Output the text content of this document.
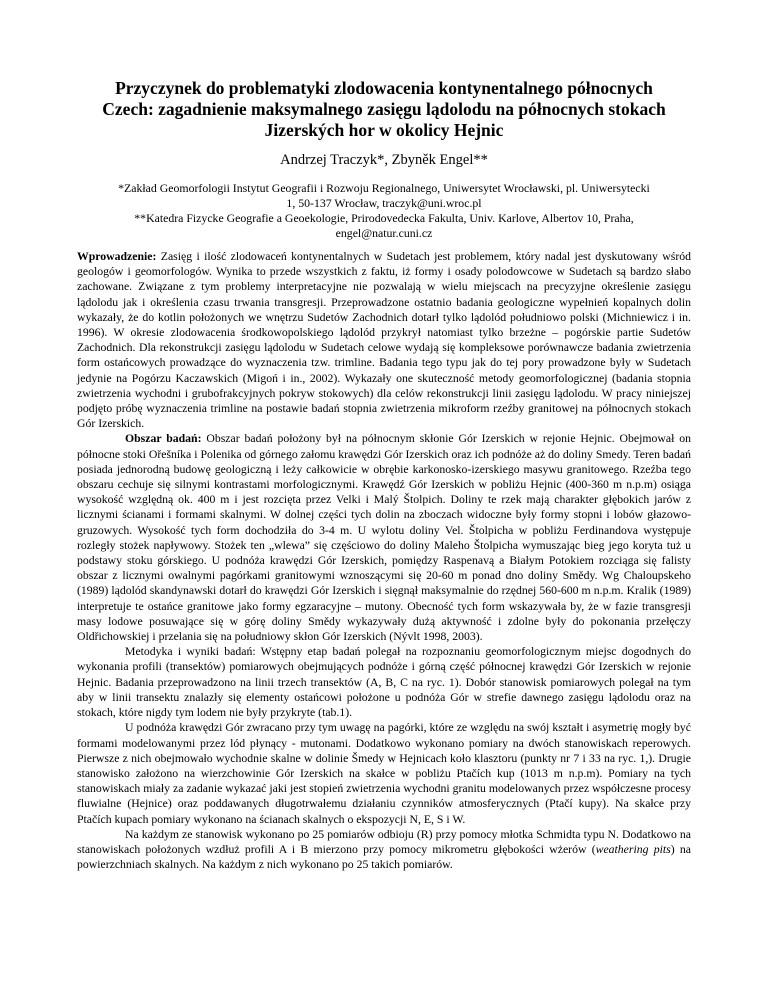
Przyczynek do problematyki zlodowacenia kontynentalnego północnych
Czech: zagadnienie maksymalnego zasięgu lądolodu na północnych stokach
Jizerských hor w okolicy Hejnic
Andrzej Traczyk*, Zbyněk Engel**
*Zakład Geomorfologii Instytut Geografii i Rozwoju Regionalnego, Uniwersytet Wrocławski, pl. Uniwersytecki
1, 50-137 Wrocław, traczyk@uni.wroc.pl
**Katedra Fizycke Geografie a Geoekologie, Prirodovedecka Fakulta, Univ. Karlove, Albertov 10, Praha,
engel@natur.cuni.cz

Wprowadzenie: Zasięg i ilość zlodowaceń kontynentalnych w Sudetach jest problemem, który nadal jest dyskutowany wśród geologów i geomorfologów. Wynika to przede wszystkich z faktu, iż formy i osady polodowcowe w Sudetach są bardzo słabo zachowane. Związane z tym problemy interpretacyjne nie pozwalają w wielu miejscach na precyzyjne określenie zasięgu lądolodu jak i określenia czasu trwania transgresji. Przeprowadzone ostatnio badania geologiczne wypełnień kopalnych dolin wykazały, że do kotlin położonych we wnętrzu Sudetów Zachodnich dotarł tylko lądolód południowo polski (Michniewicz i in. 1996). W okresie zlodowacenia środkowopolskiego lądolód przykrył natomiast tylko brzeżne – pogórskie partie Sudetów Zachodnich. Dla rekonstrukcji zasięgu lądolodu w Sudetach celowe wydają się kompleksowe porównawcze badania zwietrzenia form ostańcowych prowadzące do wyznaczenia tzw. trimline. Badania tego typu jak do tej pory prowadzone były w Sudetach jedynie na Pogórzu Kaczawskich (Migoń i in., 2002). Wykazały one skuteczność metody geomorfologicznej (badania stopnia zwietrzenia wychodni i grubofrakcyjnych pokryw stokowych) dla celów rekonstrukcji linii zasięgu lądolodu. W pracy niniejszej podjęto próbę wyznaczenia trimline na postawie badań stopnia zwietrzenia mikroform rzeźby granitowej na północnych stokach Gór Izerskich.

Obszar badań: Obszar badań położony był na północnym skłonie Gór Izerskich w rejonie Hejnic. Obejmował on północne stoki Ořešníka i Polenika od górnego załomu krawędzi Gór Izerskich oraz ich podnóże aż do doliny Smedy. Teren badań posiada jednorodną budowę geologiczną i leży całkowicie w obrębie karkonosko-izerskiego masywu granitowego. Rzeźba tego obszaru cechuje się silnymi kontrastami morfologicznymi. Krawędź Gór Izerskich w pobliżu Hejnic (400-360 m n.p.m) osiąga wysokość względną ok. 400 m i jest rozcięta przez Velki i Malý Štolpich. Doliny te rzek mają charakter głębokich jarów z licznymi ścianami i formami skalnymi. W dolnej części tych dolin na zboczach widoczne były formy stopni i lobów głazowo-gruzowych. Wysokość tych form dochodziła do 3-4 m. U wylotu doliny Vel. Štolpicha w pobliżu Ferdinandova występuje rozległy stożek napływowy. Stożek ten „wlewa” się częściowo do doliny Maleho Štolpicha wymuszając bieg jego koryta tuż u podstawy stoku górskiego. U podnóża krawędzi Gór Izerskich, pomiędzy Raspenavą a Białym Potokiem rozciąga się falisty obszar z licznymi owalnymi pagórkami granitowymi wznoszącymi się 20-60 m ponad dno doliny Smědy. Wg Chaloupskeho (1989) lądolód skandynawski dotarł do krawędzi Gór Izerskich i sięgnął maksymalnie do rzędnej 560-600 m n.p.m. Kralik (1989) interpretuje te ostańce granitowe jako formy egzaracyjne – mutony. Obecność tych form wskazywała by, że w fazie transgresji masy lodowe posuwające się w górę doliny Smědy wykazywały dużą aktywność i zdolne były do pokonania przełęczy Oldřichowskiej i przelania się na południowy skłon Gór Izerskich (Nývlt 1998, 2003).

Metodyka i wyniki badań: Wstępny etap badań polegał na rozpoznaniu geomorfologicznym miejsc dogodnych do wykonania profili (transektów) pomiarowych obejmujących podnóże i górną część północnej krawędzi Gór Izerskich w rejonie Hejnic. Badania przeprowadzono na linii trzech transektów (A, B, C na ryc. 1). Dobór stanowisk pomiarowych polegał na tym aby w linii transektu znalazły się elementy ostańcowi położone u podnóża Gór w strefie dawnego zasięgu lądolodu oraz na stokach, które nigdy tym lodem nie były przykryte (tab.1).

U podnóża krawędzi Gór zwracano przy tym uwagę na pagórki, które ze względu na swój kształt i asymetrię mogły być formami modelowanymi przez lód płynący - mutonami. Dodatkowo wykonano pomiary na dwóch stanowiskach reperowych. Pierwsze z nich obejmowało wychodnie skalne w dolinie Šmedy w Hejnicach koło klasztoru (punkty nr 7 i 33 na ryc. 1,). Drugie stanowisko założono na wierzchowinie Gór Izerskich na skałce w pobliżu Ptačích kup (1013 m n.p.m). Pomiary na tych stanowiskach miały za zadanie wykazać jaki jest stopień zwietrzenia wychodni granitu modelowanych przez współczesne procesy fluwialne (Hejnice) oraz poddawanych długotrwałemu działaniu czynników atmosferycznych (Ptačí kupy). Na skałce przy Ptačích kupach pomiary wykonano na ścianach skalnych o ekspozycji N, E, S i W.

Na każdym ze stanowisk wykonano po 25 pomiarów odbioju (R) przy pomocy młotka Schmidta typu N. Dodatkowo na stanowiskach położonych wzdłuż profili A i B mierzono przy pomocy mikrometru głębokości wżerów (weathering pits) na powierzchniach skalnych. Na każdym z nich wykonano po 25 takich pomiarów.
